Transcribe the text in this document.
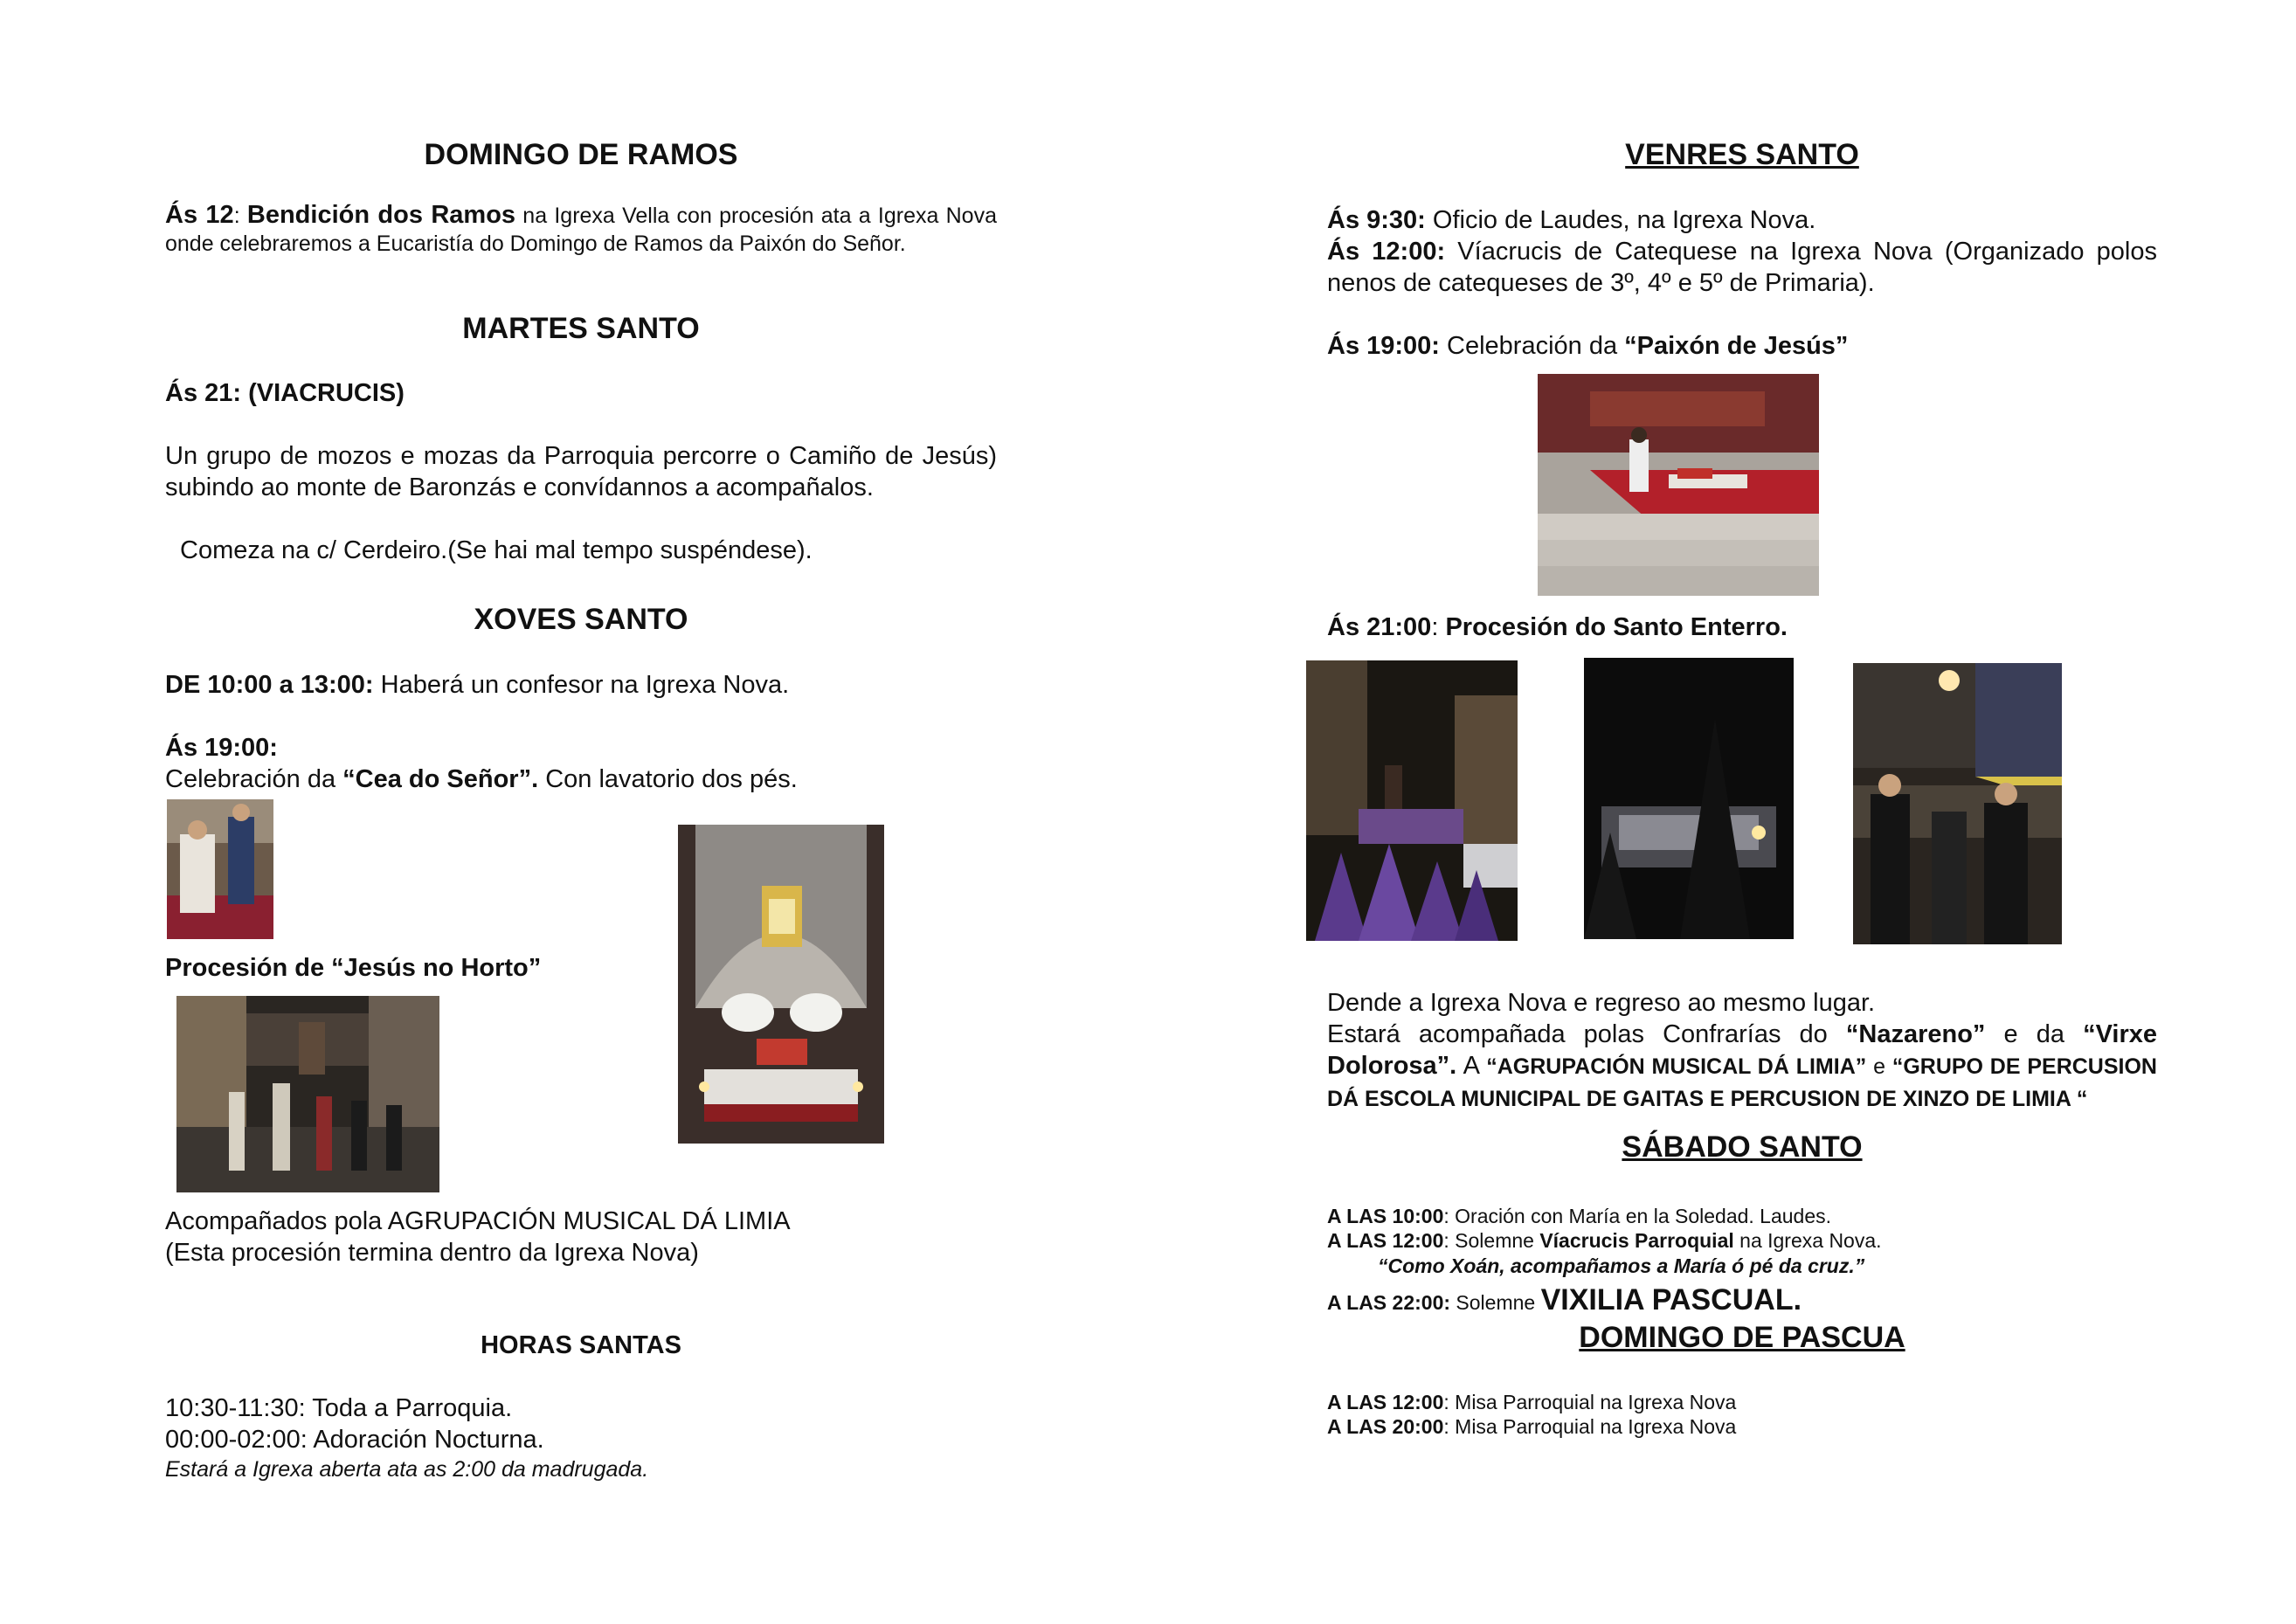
DOMINGO DE RAMOS

Ás 12: Bendición dos Ramos na Igrexa Vella con procesión ata a Igrexa Nova onde celebraremos a Eucaristía do Domingo de Ramos da Paixón do Señor.

MARTES SANTO

Ás 21: (VIACRUCIS)

Un grupo de mozos e mozas da Parroquia percorre o Camiño de Jesús) subindo ao monte de Baronzás e convídannos a acompañalos.

Comeza na c/ Cerdeiro.(Se hai mal tempo suspéndese).

XOVES SANTO

DE 10:00 a 13:00: Haberá un confesor na Igrexa Nova.

Ás 19:00:

Celebración da “Cea do Señor”. Con lavatorio dos pés.

Procesión de “Jesús no Horto”

Acompañados pola AGRUPACIÓN MUSICAL DÁ LIMIA

(Esta procesión termina dentro da Igrexa Nova)

HORAS SANTAS

10:30-11:30: Toda a Parroquia.

00:00-02:00: Adoración Nocturna.

Estará a Igrexa aberta ata as 2:00 da madrugada.

VENRES SANTO

Ás 9:30: Oficio de Laudes, na Igrexa Nova.

Ás 12:00: Víacrucis de Catequese na Igrexa Nova (Organizado polos nenos de catequeses de 3º, 4º e 5º de Primaria).

Ás 19:00: Celebración da “Paixón de Jesús”

Ás 21:00: Procesión do Santo Enterro.

Dende a Igrexa Nova e regreso ao mesmo lugar.

Estará acompañada polas Confrarías do “Nazareno” e da “Virxe Dolorosa”. A “AGRUPACIÓN MUSICAL DÁ LIMIA” e “GRUPO DE PERCUSION DÁ ESCOLA MUNICIPAL DE GAITAS E PERCUSION DE XINZO DE LIMIA “

SÁBADO SANTO

A LAS 10:00: Oración con María en la Soledad. Laudes.

A LAS 12:00: Solemne Víacrucis Parroquial na Igrexa Nova.

“Como Xoán, acompañamos a María ó pé da cruz.”

A LAS 22:00: Solemne VIXILIA PASCUAL.

DOMINGO DE PASCUA

A LAS 12:00: Misa Parroquial na Igrexa Nova

A LAS 20:00: Misa Parroquial na Igrexa Nova
